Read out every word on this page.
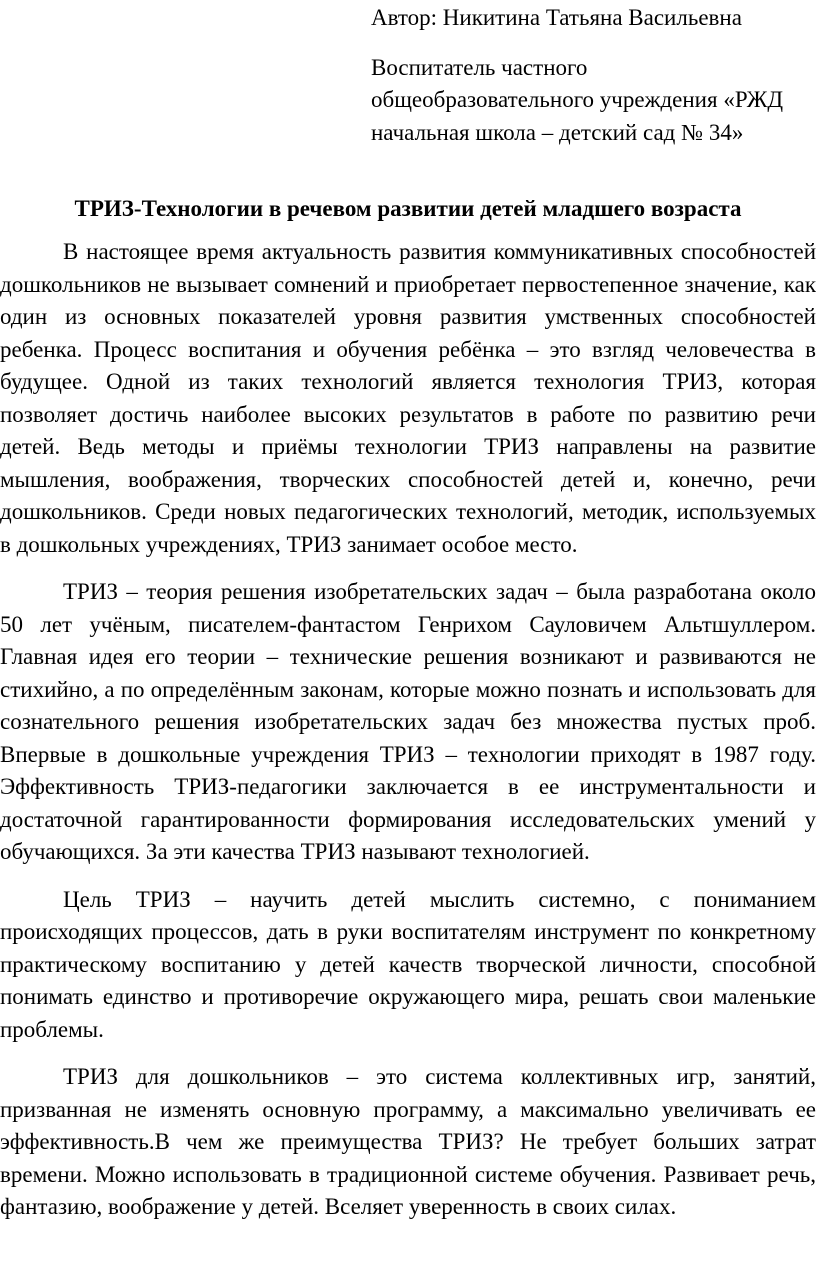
Автор: Никитина Татьяна Васильевна

Воспитатель частного
общеобразовательного учреждения «РЖД
начальная школа – детский сад № 34»
ТРИЗ-Технологии в речевом развитии детей младшего возраста

В настоящее время актуальность развития коммуникативных способностей дошкольников не вызывает сомнений и приобретает первостепенное значение, как один из основных показателей уровня развития умственных способностей ребенка. Процесс воспитания и обучения ребёнка – это взгляд человечества в будущее. Одной из таких технологий является технология ТРИЗ, которая позволяет достичь наиболее высоких результатов в работе по развитию речи детей. Ведь методы и приёмы технологии ТРИЗ направлены на развитие мышления, воображения, творческих способностей детей и, конечно, речи дошкольников. Среди новых педагогических технологий, методик, используемых в дошкольных учреждениях, ТРИЗ занимает особое место.

ТРИЗ – теория решения изобретательских задач – была разработана около 50 лет учёным, писателем-фантастом Генрихом Сауловичем Альтшуллером. Главная идея его теории – технические решения возникают и развиваются не стихийно, а по определённым законам, которые можно познать и использовать для сознательного решения изобретательских задач без множества пустых проб. Впервые в дошкольные учреждения ТРИЗ – технологии приходят в 1987 году. Эффективность ТРИЗ-педагогики заключается в ее инструментальности и достаточной гарантированности формирования исследовательских умений у обучающихся. За эти качества ТРИЗ называют технологией.

Цель ТРИЗ – научить детей мыслить системно, с пониманием происходящих процессов, дать в руки воспитателям инструмент по конкретному практическому воспитанию у детей качеств творческой личности, способной понимать единство и противоречие окружающего мира, решать свои маленькие проблемы.

ТРИЗ для дошкольников – это система коллективных игр, занятий, призванная не изменять основную программу, а максимально увеличивать ее эффективность.В чем же преимущества ТРИЗ? Не требует больших затрат времени. Можно использовать в традиционной системе обучения. Развивает речь, фантазию, воображение у детей. Вселяет уверенность в своих силах.
